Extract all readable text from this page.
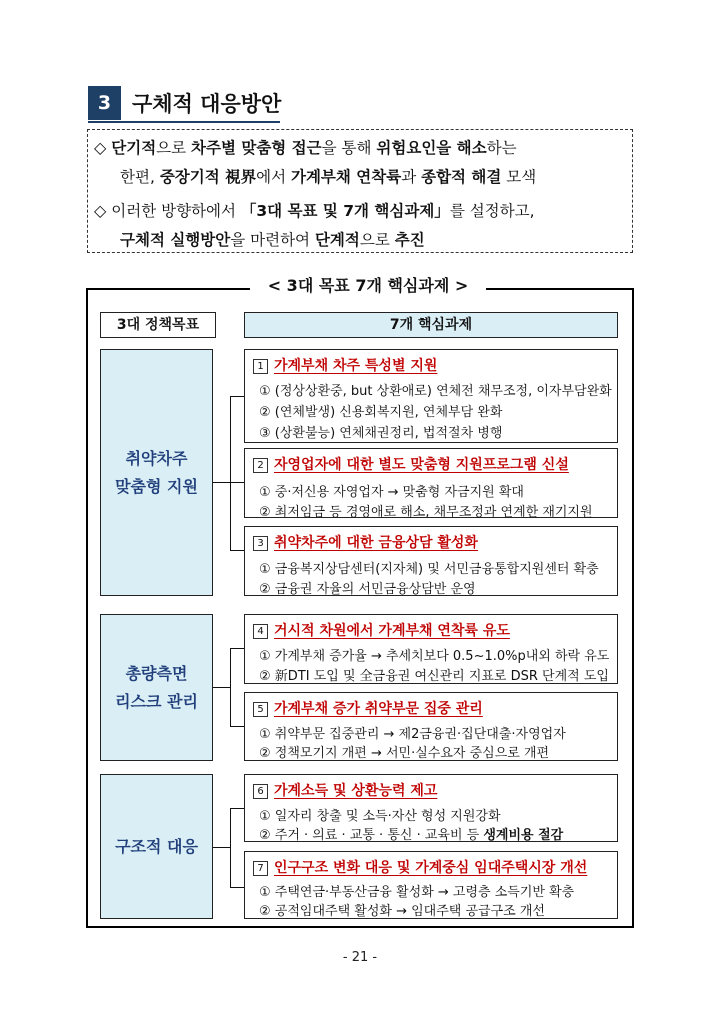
3 구체적 대응방안
◇ 단기적으로 차주별 맞춤형 접근을 통해 위험요인을 해소하는
한편, 중장기적 視界에서 가계부채 연착륙과 종합적 해결 모색
◇ 이러한 방향하에서 「3대 목표 및 7개 핵심과제」를 설정하고,
구체적 실행방안을 마련하여 단계적으로 추진
< 3대 목표 7개 핵심과제 >
3대 정책목표	7개 핵심과제
취약차주
맞춤형 지원
총량측면
리스크 관리
구조적 대응
1 가계부채 차주 특성별 지원
① (정상상환중, but 상환애로) 연체전 채무조정, 이자부담완화
② (연체발생) 신용회복지원, 연체부담 완화
③ (상환불능) 연체채권정리, 법적절차 병행
2 자영업자에 대한 별도 맞춤형 지원프로그램 신설
① 중·저신용 자영업자 → 맞춤형 자금지원 확대
② 최저임금 등 경영애로 해소, 채무조정과 연계한 재기지원
3 취약차주에 대한 금융상담 활성화
① 금융복지상담센터(지자체) 및 서민금융통합지원센터 확충
② 금융권 자율의 서민금융상담반 운영
4 거시적 차원에서 가계부채 연착륙 유도
① 가계부채 증가율 → 추세치보다 0.5~1.0%p내외 하락 유도
② 新DTI 도입 및 全금융권 여신관리 지표로 DSR 단계적 도입
5 가계부채 증가 취약부문 집중 관리
① 취약부문 집중관리 → 제2금융권·집단대출·자영업자
② 정책모기지 개편 → 서민·실수요자 중심으로 개편
6 가계소득 및 상환능력 제고
① 일자리 창출 및 소득·자산 형성 지원강화
② 주거 · 의료 · 교통 · 통신 · 교육비 등 생계비용 절감
7 인구구조 변화 대응 및 가계중심 임대주택시장 개선
① 주택연금·부동산금융 활성화 → 고령층 소득기반 확충
② 공적임대주택 활성화 → 임대주택 공급구조 개선
- 21 -
